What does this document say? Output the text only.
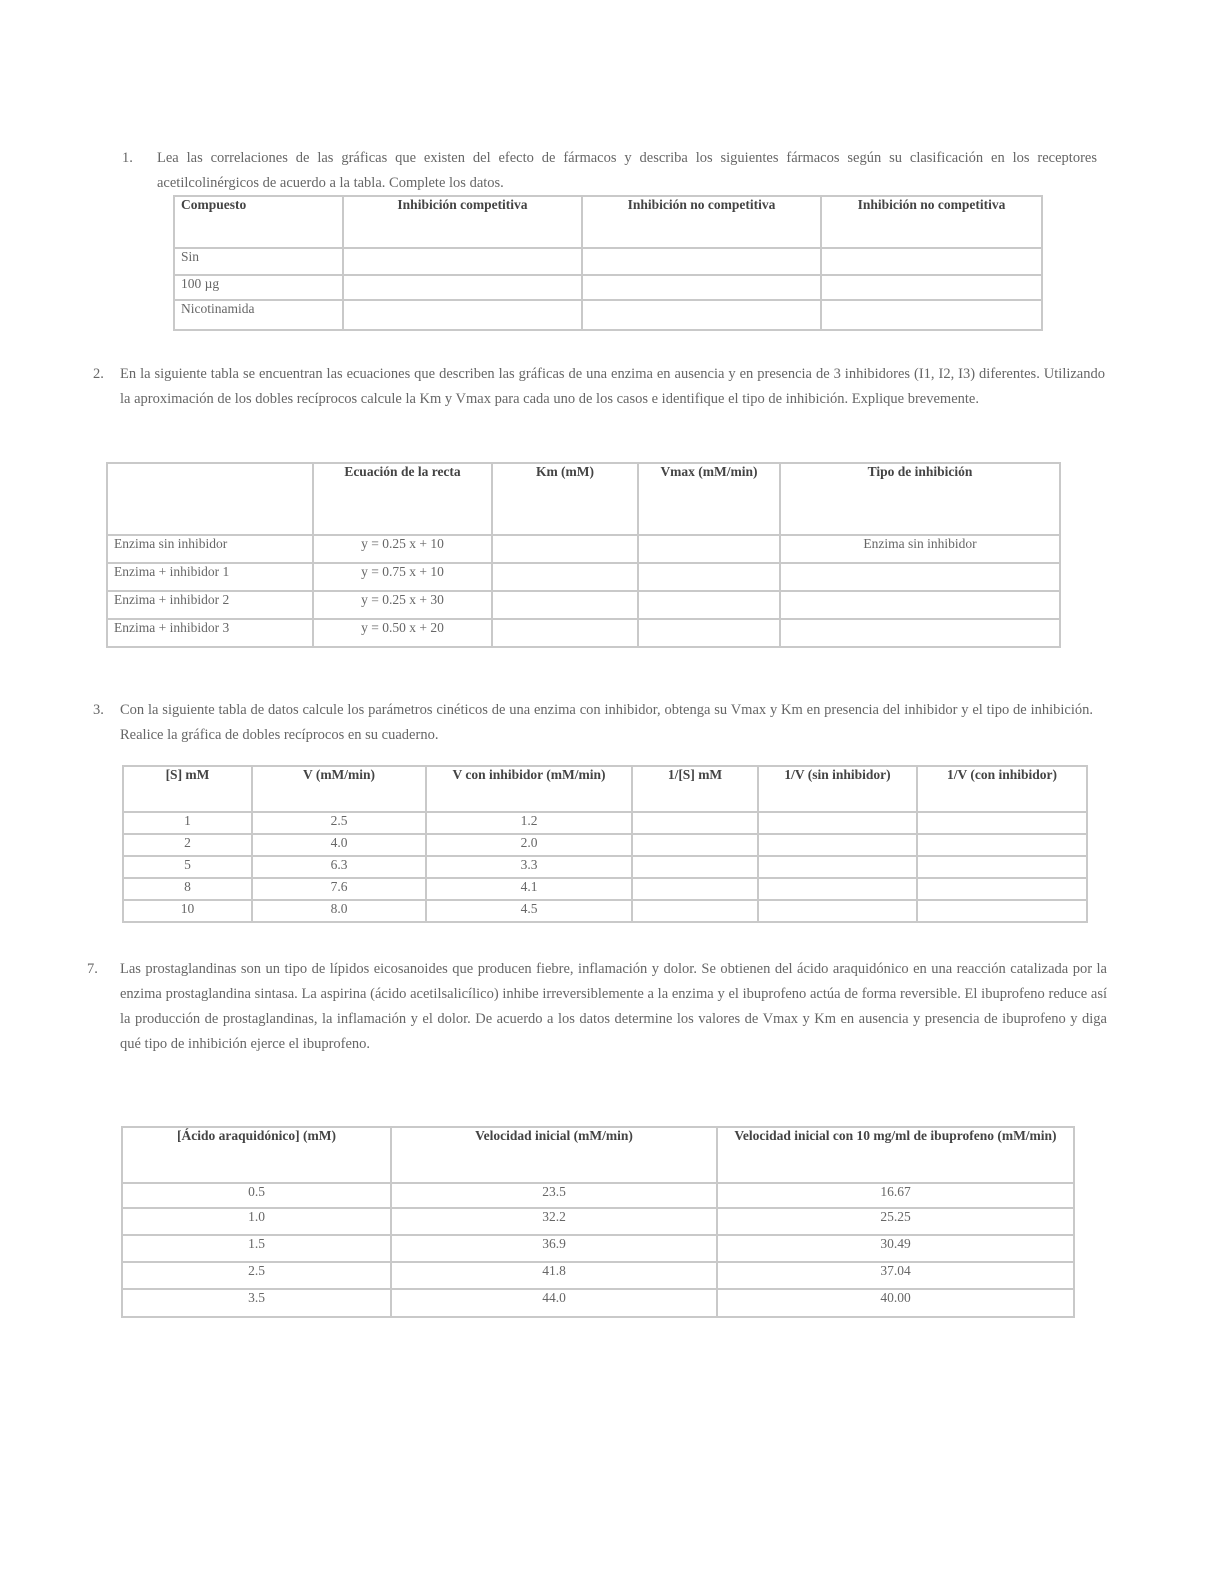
1. Lea las correlaciones de las gráficas que existen del efecto de fármacos y describa los siguientes fármacos según su clasificación en los receptores acetilcolinérgicos de acuerdo a la tabla. Complete los datos.
Compuesto	Inhibición competitiva	Inhibición no competitiva	Inhibición no competitiva
Sin			
100 µg			
Nicotinamida			
2. En la siguiente tabla se encuentran las ecuaciones que describen las gráficas de una enzima en ausencia y en presencia de 3 inhibidores (I1, I2, I3) diferentes. Utilizando la aproximación de los dobles recíprocos calcule la Km y Vmax para cada uno de los casos e identifique el tipo de inhibición. Explique brevemente.
	Ecuación de la recta	Km (mM)	Vmax (mM/min)	Tipo de inhibición
Enzima sin inhibidor	y = 0.25 x + 10			Enzima sin inhibidor
Enzima + inhibidor 1	y = 0.75 x + 10			
Enzima + inhibidor 2	y = 0.25 x + 30			
Enzima + inhibidor 3	y = 0.50 x + 20			
3. Con la siguiente tabla de datos calcule los parámetros cinéticos de una enzima con inhibidor, obtenga su Vmax y Km en presencia del inhibidor y el tipo de inhibición. Realice la gráfica de dobles recíprocos en su cuaderno.
[S] mM	V (mM/min)	V con inhibidor (mM/min)	1/[S] mM	1/V (sin inhibidor)	1/V (con inhibidor)
1	2.5	1.2			
2	4.0	2.0			
5	6.3	3.3			
8	7.6	4.1			
10	8.0	4.5			
7. Las prostaglandinas son un tipo de lípidos eicosanoides que producen fiebre, inflamación y dolor. Se obtienen del ácido araquidónico en una reacción catalizada por la enzima prostaglandina sintasa. La aspirina (ácido acetilsalicílico) inhibe irreversiblemente a la enzima y el ibuprofeno actúa de forma reversible. El ibuprofeno reduce así la producción de prostaglandinas, la inflamación y el dolor. De acuerdo a los datos determine los valores de Vmax y Km en ausencia y presencia de ibuprofeno y diga qué tipo de inhibición ejerce el ibuprofeno.
[Ácido araquidónico] (mM)	Velocidad inicial (mM/min)	Velocidad inicial con 10 mg/ml de ibuprofeno (mM/min)
0.5	23.5	16.67
1.0	32.2	25.25
1.5	36.9	30.49
2.5	41.8	37.04
3.5	44.0	40.00
